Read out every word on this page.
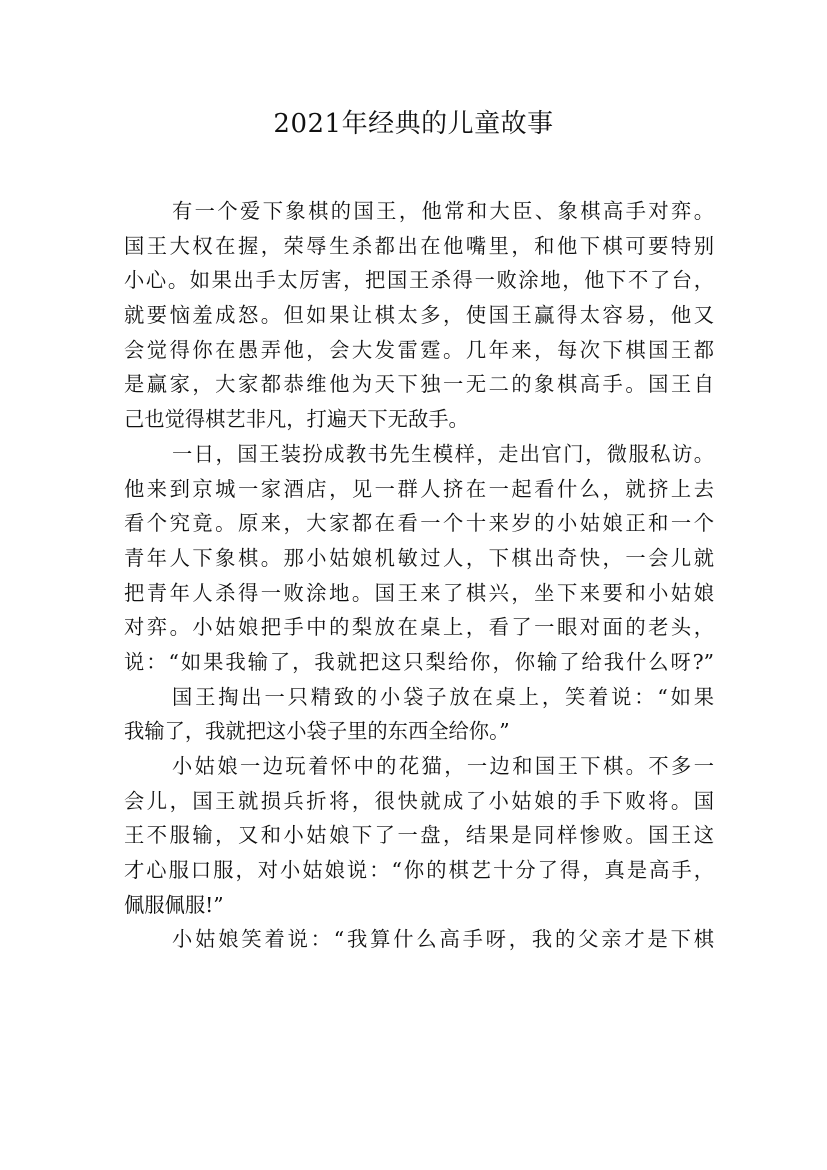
2021年经典的儿童故事
有一个爱下象棋的国王，他常和大臣、象棋高手对弈。
国王大权在握，荣辱生杀都出在他嘴里，和他下棋可要特别
小心。如果出手太厉害，把国王杀得一败涂地，他下不了台，
就要恼羞成怒。但如果让棋太多，使国王赢得太容易，他又
会觉得你在愚弄他，会大发雷霆。几年来，每次下棋国王都
是赢家，大家都恭维他为天下独一无二的象棋高手。国王自
己也觉得棋艺非凡，打遍天下无敌手。
一日，国王装扮成教书先生模样，走出官门，微服私访。
他来到京城一家酒店，见一群人挤在一起看什么，就挤上去
看个究竟。原来，大家都在看一个十来岁的小姑娘正和一个
青年人下象棋。那小姑娘机敏过人，下棋出奇快，一会儿就
把青年人杀得一败涂地。国王来了棋兴，坐下来要和小姑娘
对弈。小姑娘把手中的梨放在桌上，看了一眼对面的老头，
说：“如果我输了，我就把这只梨给你，你输了给我什么呀?”
国王掏出一只精致的小袋子放在桌上，笑着说：“如果
我输了，我就把这小袋子里的东西全给你。”
小姑娘一边玩着怀中的花猫，一边和国王下棋。不多一
会儿，国王就损兵折将，很快就成了小姑娘的手下败将。国
王不服输，又和小姑娘下了一盘，结果是同样惨败。国王这
才心服口服，对小姑娘说：“你的棋艺十分了得，真是高手，
佩服佩服!”
小姑娘笑着说：“我算什么高手呀，我的父亲才是下棋
